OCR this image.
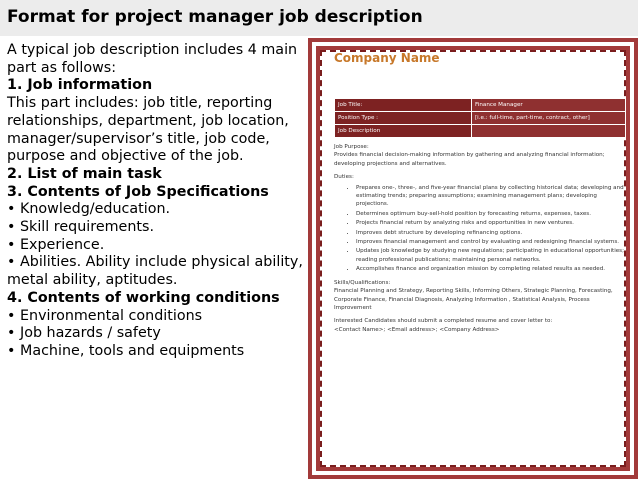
Format for project manager job description

A typical job description includes 4 main part as follows:

1. Job information

This part includes: job title, reporting relationships, department, job location, manager/supervisor’s title, job code, purpose and objective of the job.

2. List of main task

3. Contents of Job Specifications

• Knowledg/education.

• Skill requirements.

• Experience.

• Abilities. Ability include physical ability, metal ability, aptitudes.

4. Contents of working conditions

• Environmental conditions

• Job hazards / safety

• Machine, tools and equipments

Company Name
Job Title:	Finance Manager
Position Type :	[i.e.: full-time, part-time, contract, other]
Job Description	
Job Purpose:
Provides financial decision-making information by gathering and analyzing financial information; developing projections and alternatives.
Duties:
• Prepares one-, three-, and five-year financial plans by collecting historical data; developing and estimating trends; preparing assumptions; examining management plans; developing projections.
• Determines optimum buy-sell-hold position by forecasting returns, expenses, taxes.
• Projects financial return by analyzing risks and opportunities in new ventures.
• Improves debt structure by developing refinancing options.
• Improves financial management and control by evaluating and redesigning financial systems.
• Updates job knowledge by studying new regulations; participating in educational opportunities; reading professional publications; maintaining personal networks.
• Accomplishes finance and organization mission by completing related results as needed.
Skills/Qualifications:
Financial Planning and Strategy, Reporting Skills, Informing Others, Strategic Planning, Forecasting, Corporate Finance, Financial Diagnosis, Analyzing Information , Statistical Analysis, Process Improvement
Interested Candidates should submit a completed resume and cover letter to:
<Contact Name>; <Email address>; <Company Address>
